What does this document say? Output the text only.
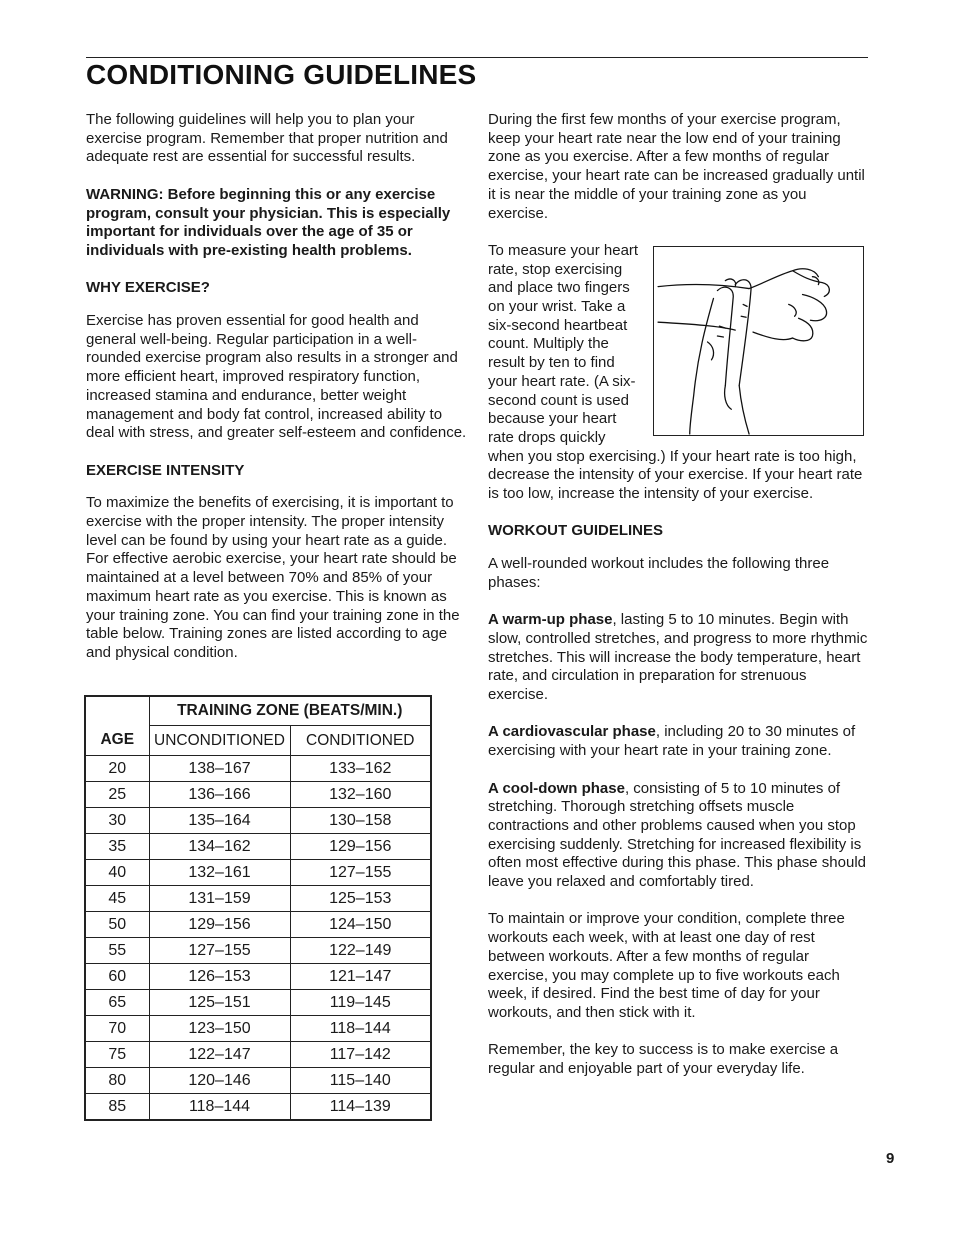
CONDITIONING GUIDELINES

The following guidelines will help you to plan your exercise program. Remember that proper nutrition and adequate rest are essential for successful results.

WARNING: Before beginning this or any exercise program, consult your physician. This is especially important for individuals over the age of 35 or individuals with pre-existing health problems.

WHY EXERCISE?

Exercise has proven essential for good health and general well-being. Regular participation in a well-rounded exercise program also results in a stronger and more efficient heart, improved respiratory function, increased stamina and endurance, better weight management and body fat control, increased ability to deal with stress, and greater self-esteem and confidence.

EXERCISE INTENSITY

To maximize the benefits of exercising, it is important to exercise with the proper intensity. The proper intensity level can be found by using your heart rate as a guide. For effective aerobic exercise, your heart rate should be maintained at a level between 70% and 85% of your maximum heart rate as you exercise. This is known as your training zone. You can find your training zone in the table below. Training zones are listed according to age and physical condition.

AGE	TRAINING ZONE (BEATS/MIN.)	
	UNCONDITIONED	CONDITIONED
20	138–167	133–162
25	136–166	132–160
30	135–164	130–158
35	134–162	129–156
40	132–161	127–155
45	131–159	125–153
50	129–156	124–150
55	127–155	122–149
60	126–153	121–147
65	125–151	119–145
70	123–150	118–144
75	122–147	117–142
80	120–146	115–140
85	118–144	114–139

During the first few months of your exercise program, keep your heart rate near the low end of your training zone as you exercise. After a few months of regular exercise, your heart rate can be increased gradually until it is near the middle of your training zone as you exercise.

To measure your heart rate, stop exercising and place two fingers on your wrist. Take a six-second heartbeat count. Multiply the result by ten to find your heart rate. (A six-second count is used because your heart rate drops quickly when you stop exercising.) If your heart rate is too high, decrease the intensity of your exercise. If your heart rate is too low, increase the intensity of your exercise.

WORKOUT GUIDELINES

A well-rounded workout includes the following three phases:

A warm-up phase, lasting 5 to 10 minutes. Begin with slow, controlled stretches, and progress to more rhythmic stretches. This will increase the body temperature, heart rate, and circulation in preparation for strenuous exercise.

A cardiovascular phase, including 20 to 30 minutes of exercising with your heart rate in your training zone.

A cool-down phase, consisting of 5 to 10 minutes of stretching. Thorough stretching offsets muscle contractions and other problems caused when you stop exercising suddenly. Stretching for increased flexibility is often most effective during this phase. This phase should leave you relaxed and comfortably tired.

To maintain or improve your condition, complete three workouts each week, with at least one day of rest between workouts. After a few months of regular exercise, you may complete up to five workouts each week, if desired. Find the best time of day for your workouts, and then stick with it.

Remember, the key to success is to make exercise a regular and enjoyable part of your everyday life.

9
